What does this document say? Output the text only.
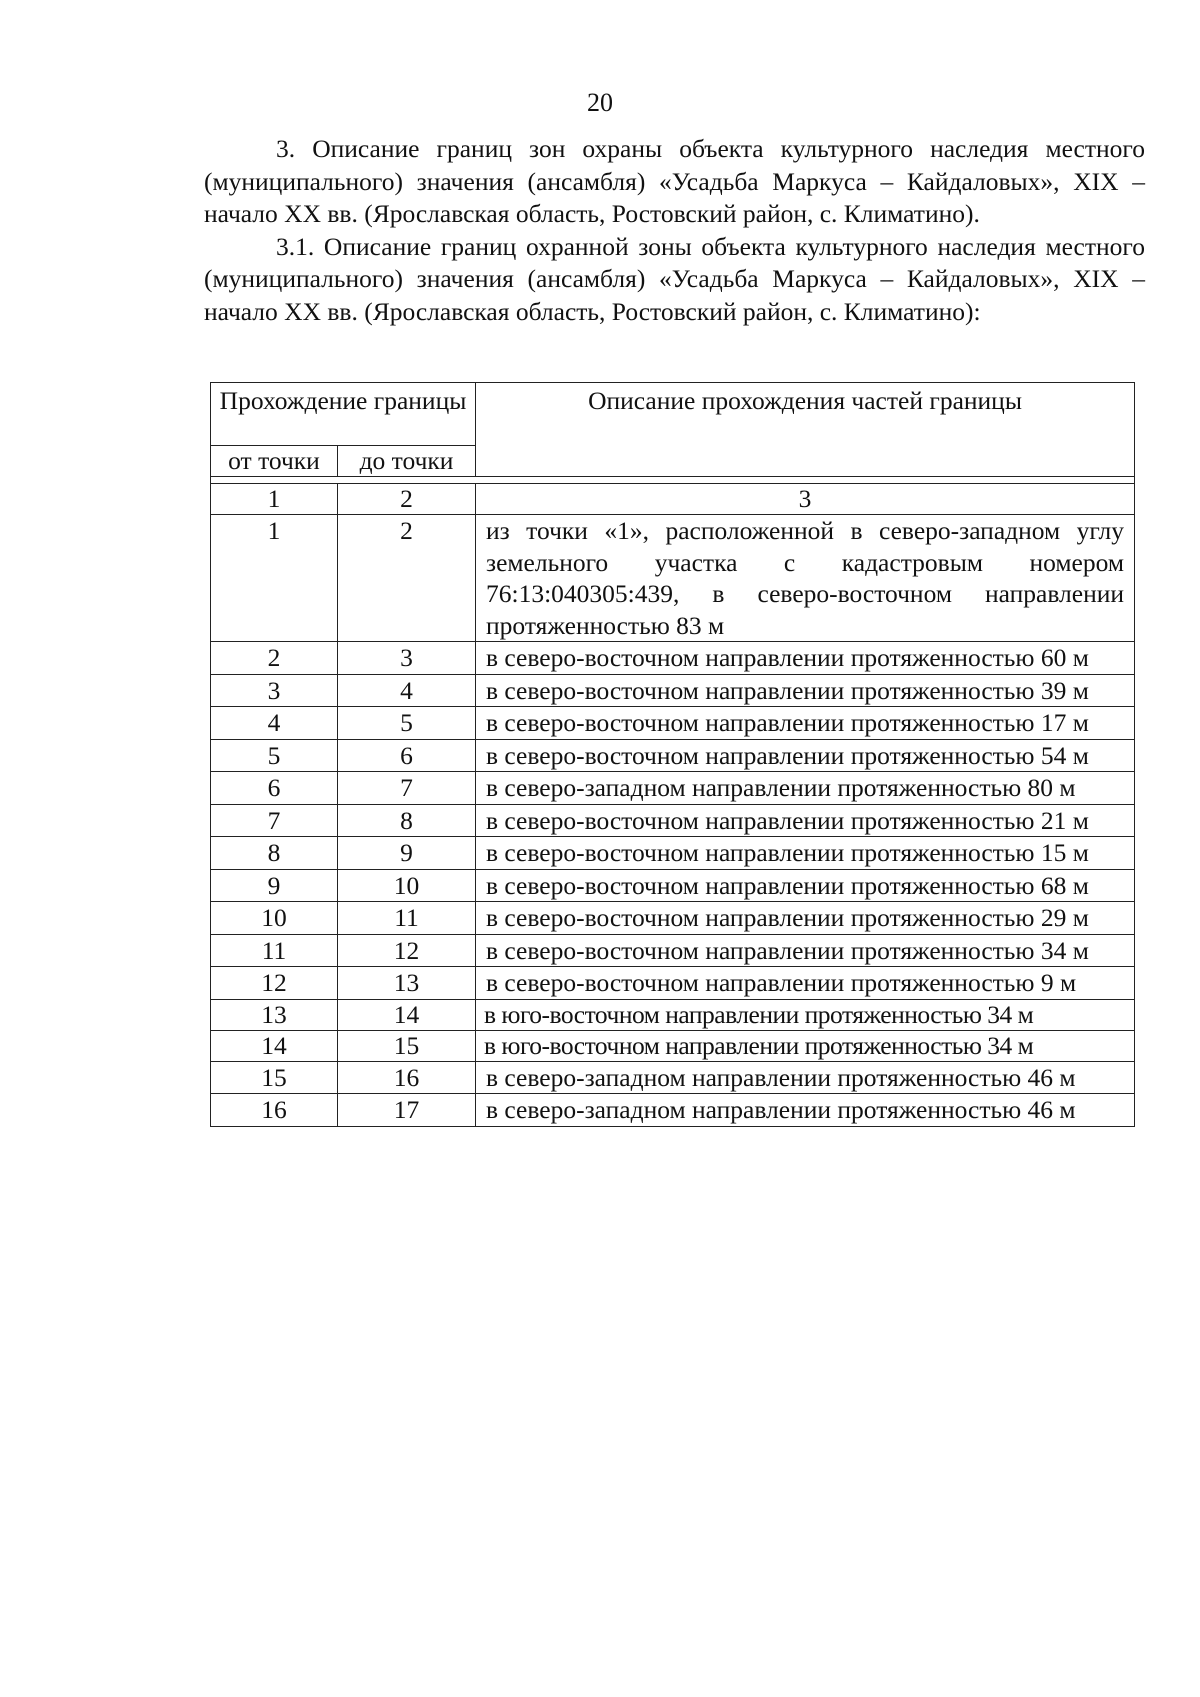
20

3. Описание границ зон охраны объекта культурного наследия местного (муниципального) значения (ансамбля) «Усадьба Маркуса – Кайдаловых», XIX – начало XX вв. (Ярославская область, Ростовский район, с. Климатино).

3.1. Описание границ охранной зоны объекта культурного наследия местного (муниципального) значения (ансамбля) «Усадьба Маркуса – Кайдаловых», XIX – начало XX вв. (Ярославская область, Ростовский район, с. Климатино):

Прохождение границы		Описание прохождения частей границы
от точки	до точки	

1	2	3
1	2	из точки «1», расположенной в северо-западном углу земельного участка с кадастровым номером 76:13:040305:439, в северо-восточном направлении протяженностью 83 м
2	3	в северо-восточном направлении протяженностью 60 м
3	4	в северо-восточном направлении протяженностью 39 м
4	5	в северо-восточном направлении протяженностью 17 м
5	6	в северо-восточном направлении протяженностью 54 м
6	7	в северо-западном направлении протяженностью 80 м
7	8	в северо-восточном направлении протяженностью 21 м
8	9	в северо-восточном направлении протяженностью 15 м
9	10	в северо-восточном направлении протяженностью 68 м
10	11	в северо-восточном направлении протяженностью 29 м
11	12	в северо-восточном направлении протяженностью 34 м
12	13	в северо-восточном направлении протяженностью 9 м
13	14	в юго-восточном направлении протяженностью 34 м
14	15	в юго-восточном направлении протяженностью 34 м
15	16	в северо-западном направлении протяженностью 46 м
16	17	в северо-западном направлении протяженностью 46 м
